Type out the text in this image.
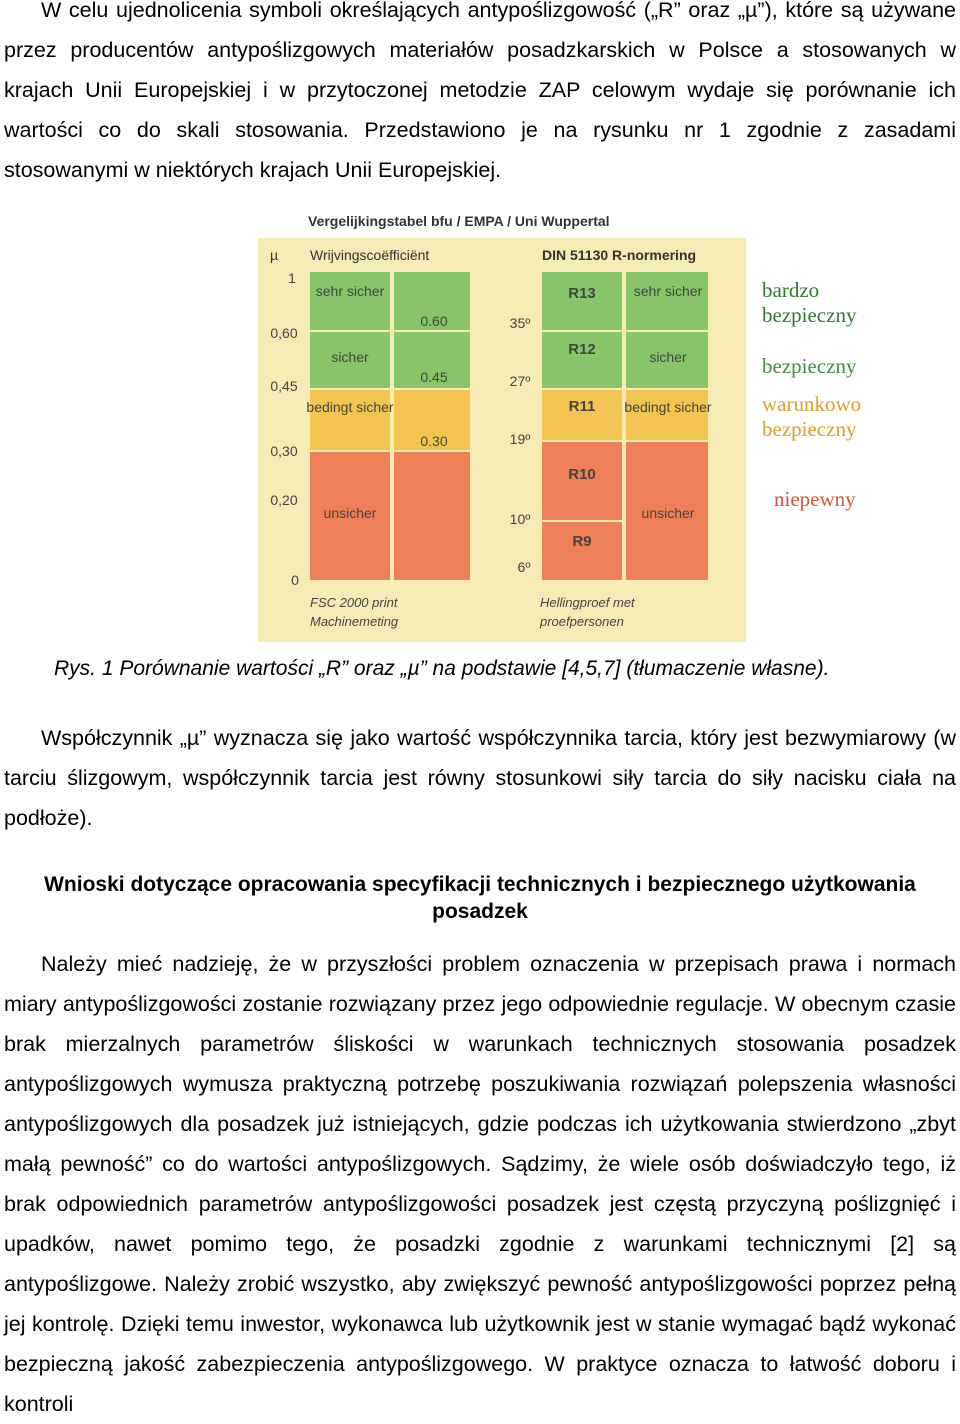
W celu ujednolicenia symboli określających antypoślizgowość („R” oraz „µ”), które są używane przez producentów antypoślizgowych materiałów posadzkarskich w Polsce a stosowanych w krajach Unii Europejskiej i w przytoczonej metodzie ZAP celowym wydaje się porównanie ich wartości co do skali stosowania. Przedstawiono je na rysunku nr 1 zgodnie z zasadami stosowanymi w niektórych krajach Unii Europejskiej.

Vergelijkingstabel bfu / EMPA / Uni Wuppertal
µ Wrijvingscoëfficiënt	DIN 51130 R-normering
1
0,60
0,45
0,30
0,20
0
sehr sicher
sicher
bedingt sicher
unsicher
0.60
0.45
0.30
35º
27º
19º
10º
6º
R13
R12
R11
R10
R9
sehr sicher
sicher
bedingt sicher
unsicher
FSC 2000 print
Machinemeting
Hellingproef met
proefpersonen

bardzo
bezpieczny

bezpieczny

warunkowo
bezpieczny

niepewny

Rys. 1 Porównanie wartości „R” oraz „µ” na podstawie [4,5,7] (tłumaczenie własne).

Współczynnik „µ” wyznacza się jako wartość współczynnika tarcia, który jest bezwymiarowy (w tarciu ślizgowym, współczynnik tarcia jest równy stosunkowi siły tarcia do siły nacisku ciała na podłoże).

Wnioski dotyczące opracowania specyfikacji technicznych i bezpiecznego użytkowania posadzek

Należy mieć nadzieję, że w przyszłości problem oznaczenia w przepisach prawa i normach miary antypoślizgowości zostanie rozwiązany przez jego odpowiednie regulacje. W obecnym czasie brak mierzalnych parametrów śliskości w warunkach technicznych stosowania posadzek antypoślizgowych wymusza praktyczną potrzebę poszukiwania rozwiązań polepszenia własności antypoślizgowych dla posadzek już istniejących, gdzie podczas ich użytkowania stwierdzono „zbyt małą pewność” co do wartości antypoślizgowych. Sądzimy, że wiele osób doświadczyło tego, iż brak odpowiednich parametrów antypoślizgowości posadzek jest częstą przyczyną poślizgnięć i upadków, nawet pomimo tego, że posadzki zgodnie z warunkami technicznymi [2] są antypoślizgowe. Należy zrobić wszystko, aby zwiększyć pewność antypoślizgowości poprzez pełną jej kontrolę. Dzięki temu inwestor, wykonawca lub użytkownik jest w stanie wymagać bądź wykonać bezpieczną jakość zabezpieczenia antypoślizgowego. W praktyce oznacza to łatwość doboru i kontroli
